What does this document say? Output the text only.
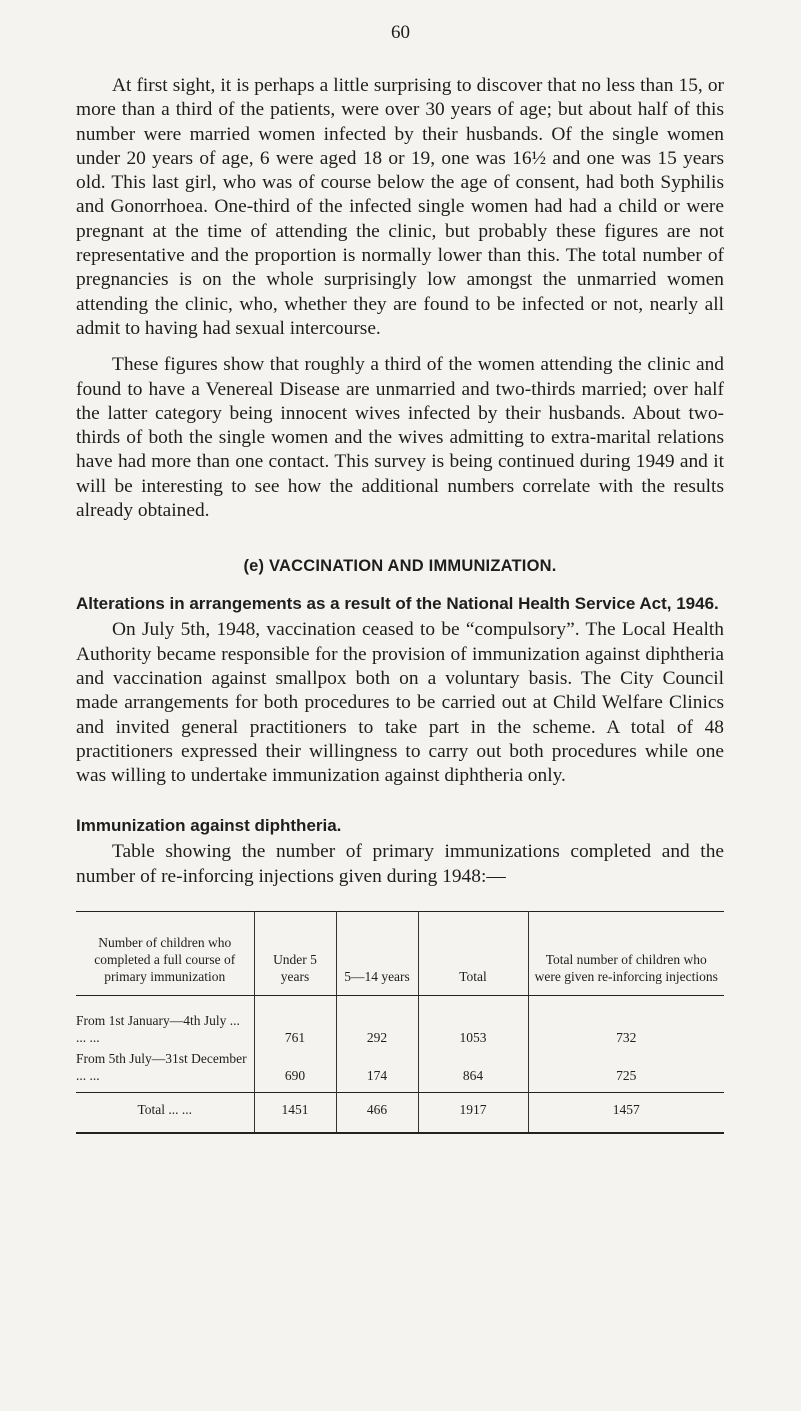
60

At first sight, it is perhaps a little surprising to discover that no less than 15, or more than a third of the patients, were over 30 years of age; but about half of this number were married women infected by their husbands. Of the single women under 20 years of age, 6 were aged 18 or 19, one was 16½ and one was 15 years old. This last girl, who was of course below the age of consent, had both Syphilis and Gonorrhoea. One-third of the infected single women had had a child or were pregnant at the time of attending the clinic, but probably these figures are not representative and the proportion is normally lower than this. The total number of pregnancies is on the whole surprisingly low amongst the unmarried women attending the clinic, who, whether they are found to be infected or not, nearly all admit to having had sexual intercourse.

These figures show that roughly a third of the women attending the clinic and found to have a Venereal Disease are unmarried and two-thirds married; over half the latter category being innocent wives infected by their husbands. About two-thirds of both the single women and the wives admitting to extra-marital relations have had more than one contact. This survey is being continued during 1949 and it will be interesting to see how the additional numbers correlate with the results already obtained.

(e) VACCINATION AND IMMUNIZATION.
Alterations in arrangements as a result of the National Health Service Act, 1946.

On July 5th, 1948, vaccination ceased to be “compulsory”. The Local Health Authority became responsible for the provision of immunization against diphtheria and vaccination against smallpox both on a voluntary basis. The City Council made arrangements for both procedures to be carried out at Child Welfare Clinics and invited general practitioners to take part in the scheme. A total of 48 practitioners expressed their willingness to carry out both procedures while one was willing to undertake immunization against diphtheria only.

Immunization against diphtheria.

Table showing the number of primary immunizations completed and the number of re-inforcing injections given during 1948:—

Number of children who completed a full course of primary immunization	Under 5 years	5—14 years	Total	Total number of children who were given re-inforcing injections
From 1st January—4th July ... ... ...	761	292	1053	732
From 5th July—31st December ... ...	690	174	864	725
Total ... ...	1451	466	1917	1457
